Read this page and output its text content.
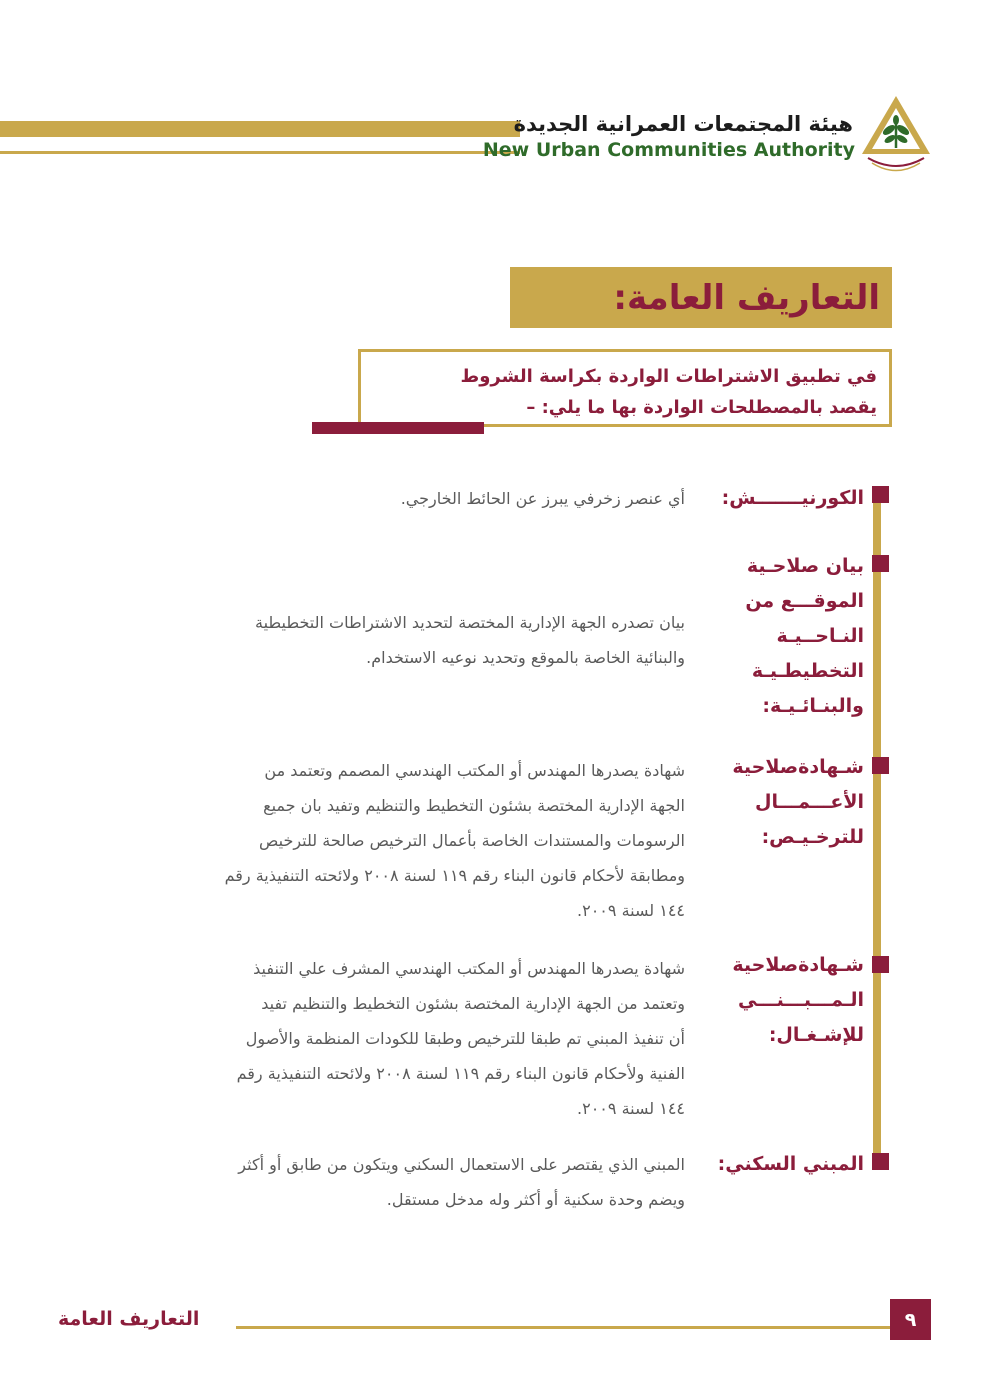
هيئة المجتمعات العمرانية الجديدة
New Urban Communities Authority
التعاريف العامة:
في تطبيق الاشتراطات الواردة بكراسة الشروط
يقصد بالمصطلحات الواردة بها ما يلي: –
الكورنيـــــــش:
أي عنصر زخرفي يبرز عن الحائط الخارجي.
بيان صلاحـية
الموقـــع من
النـاحــيـة
التخطيطـيـة
والبنـائـيـة:
بيان تصدره الجهة الإدارية المختصة لتحديد الاشتراطات التخطيطية
والبنائية الخاصة بالموقع وتحديد نوعيه الاستخدام.
شـهادةصلاحية
الأعـــمـــال
للترخـيـص:
شهادة يصدرها المهندس أو المكتب الهندسي المصمم وتعتمد من
الجهة الإدارية المختصة بشئون التخطيط والتنظيم وتفيد بان جميع
الرسومات والمستندات الخاصة بأعمال الترخيص صالحة للترخيص
ومطابقة لأحكام قانون البناء رقم ١١٩ لسنة ٢٠٠٨ ولائحته التنفيذية رقم
١٤٤ لسنة ٢٠٠٩.
شـهادةصلاحية
الـمـــبـــنـــي
للإشـغـال:
شهادة يصدرها المهندس أو المكتب الهندسي المشرف علي التنفيذ
وتعتمد من الجهة الإدارية المختصة بشئون التخطيط والتنظيم تفيد
أن تنفيذ المبني تم طبقا للترخيص وطبقا للكودات المنظمة والأصول
الفنية ولأحكام قانون البناء رقم ١١٩ لسنة ٢٠٠٨ ولائحته التنفيذية رقم
١٤٤ لسنة ٢٠٠٩.
المبني السكني:
المبني الذي يقتصر على الاستعمال السكني ويتكون من طابق أو أكثر
ويضم وحدة سكنية أو أكثر وله مدخل مستقل.
التعاريف العامة	٩
